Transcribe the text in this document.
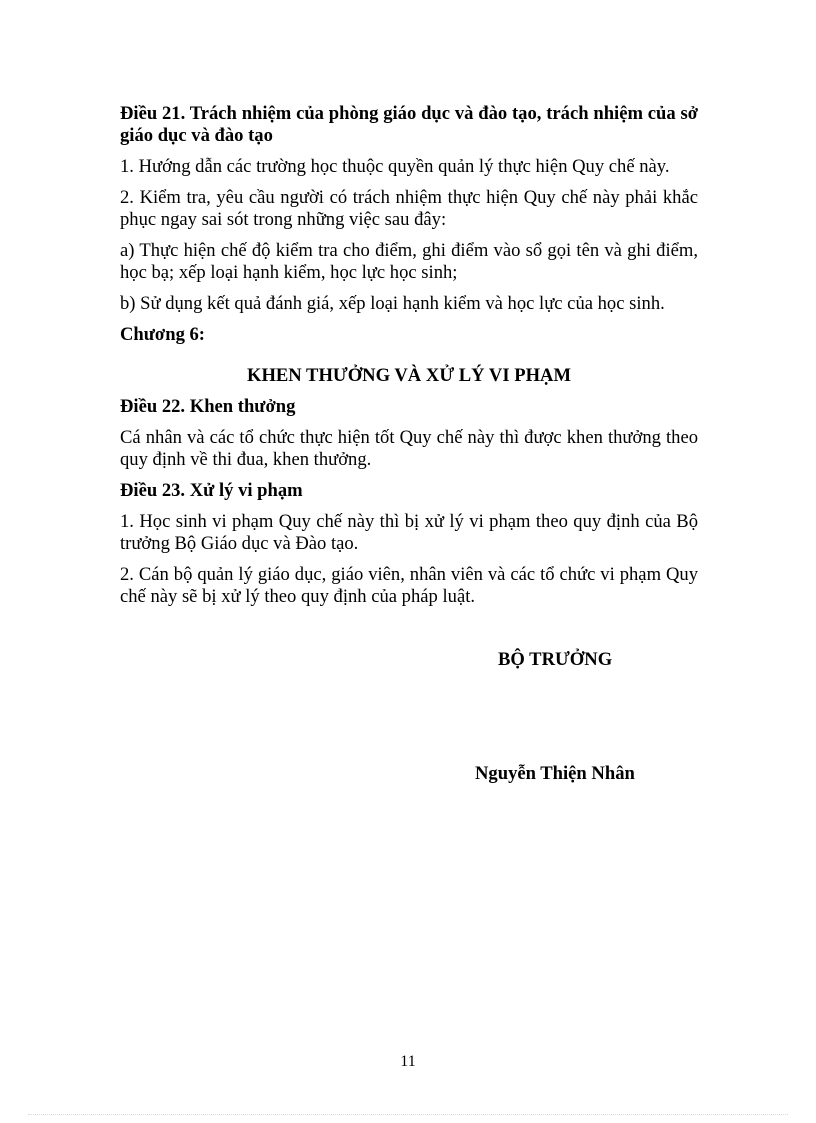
Điều 21. Trách nhiệm của phòng giáo dục và đào tạo, trách nhiệm của sở giáo dục và đào tạo

1. Hướng dẫn các trường học thuộc quyền quản lý thực hiện Quy chế này.

2. Kiểm tra, yêu cầu người có trách nhiệm thực hiện Quy chế này phải khắc phục ngay sai sót trong những việc sau đây:

a) Thực hiện chế độ kiểm tra cho điểm, ghi điểm vào sổ gọi tên và ghi điểm, học bạ; xếp loại hạnh kiểm, học lực học sinh;

b) Sử dụng kết quả đánh giá, xếp loại hạnh kiểm và học lực của học sinh.

Chương 6:

KHEN THƯỞNG VÀ XỬ LÝ VI PHẠM

Điều 22. Khen thưởng

Cá nhân và các tổ chức thực hiện tốt Quy chế này thì được khen thưởng theo quy định về thi đua, khen thưởng.

Điều 23. Xử lý vi phạm

1. Học sinh vi phạm Quy chế này thì bị xử lý vi phạm theo quy định của Bộ trưởng Bộ Giáo dục và Đào tạo.

2. Cán bộ quản lý giáo dục, giáo viên, nhân viên và các tổ chức vi phạm Quy chế này sẽ bị xử lý theo quy định của pháp luật.

BỘ TRƯỞNG
Nguyễn Thiện Nhân
11
